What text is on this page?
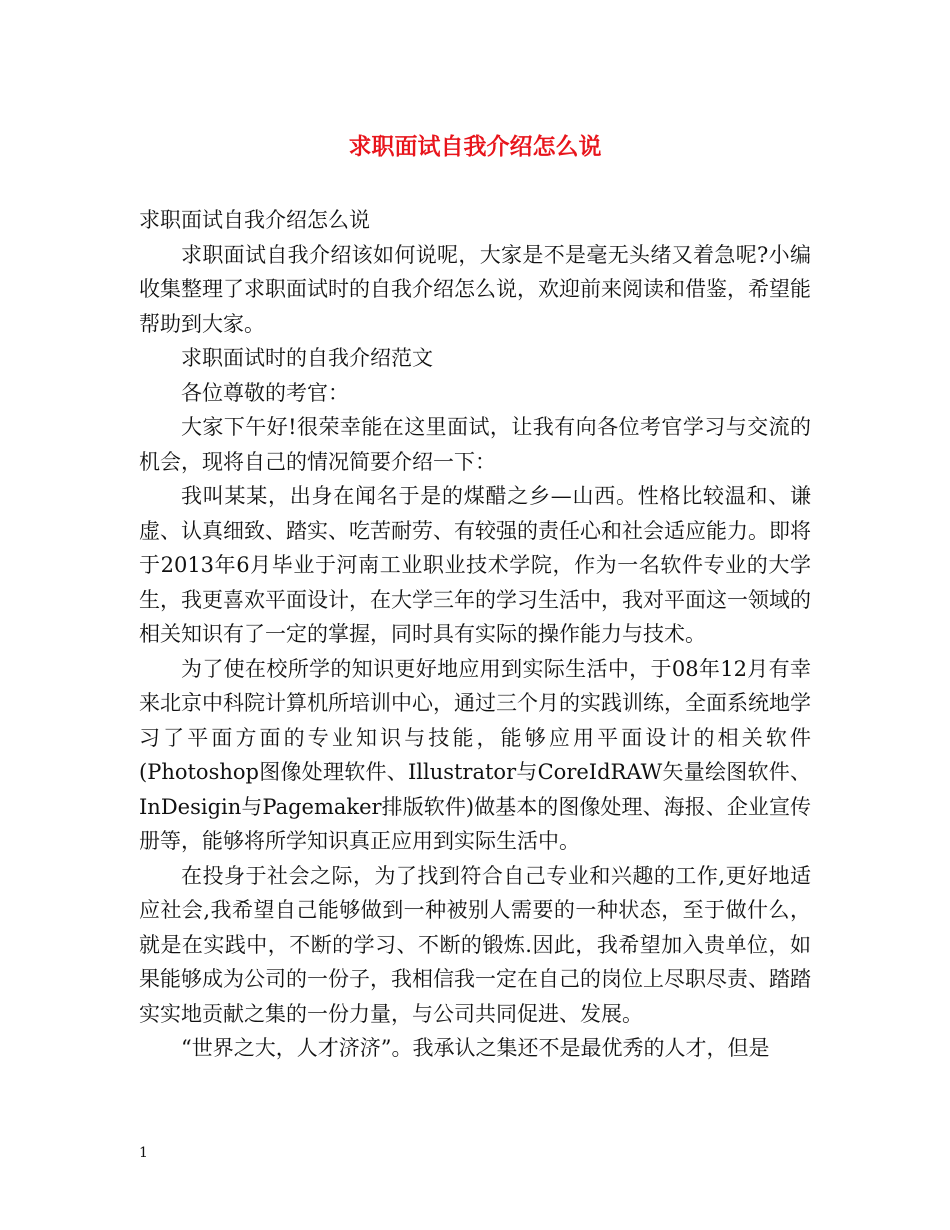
求职面试自我介绍怎么说

求职面试自我介绍怎么说

求职面试自我介绍该如何说呢，大家是不是毫无头绪又着急呢?小编收集整理了求职面试时的自我介绍怎么说，欢迎前来阅读和借鉴，希望能帮助到大家。

求职面试时的自我介绍范文

各位尊敬的考官：

大家下午好!很荣幸能在这里面试，让我有向各位考官学习与交流的机会，现将自己的情况简要介绍一下：

我叫某某，出身在闻名于是的煤醋之乡—山西。性格比较温和、谦虚、认真细致、踏实、吃苦耐劳、有较强的责任心和社会适应能力。即将于2013年6月毕业于河南工业职业技术学院，作为一名软件专业的大学生，我更喜欢平面设计，在大学三年的学习生活中，我对平面这一领域的相关知识有了一定的掌握，同时具有实际的操作能力与技术。

为了使在校所学的知识更好地应用到实际生活中，于08年12月有幸来北京中科院计算机所培训中心，通过三个月的实践训练，全面系统地学习了平面方面的专业知识与技能，能够应用平面设计的相关软件(Photoshop图像处理软件、Illustrator与CoreIdRAW矢量绘图软件、InDesigin与Pagemaker排版软件)做基本的图像处理、海报、企业宣传册等，能够将所学知识真正应用到实际生活中。

在投身于社会之际，为了找到符合自己专业和兴趣的工作,更好地适应社会,我希望自己能够做到一种被别人需要的一种状态，至于做什么，就是在实践中，不断的学习、不断的锻炼.因此，我希望加入贵单位，如果能够成为公司的一份子，我相信我一定在自己的岗位上尽职尽责、踏踏实实地贡献之集的一份力量，与公司共同促进、发展。

“世界之大，人才济济”。我承认之集还不是最优秀的人才，但是

1
